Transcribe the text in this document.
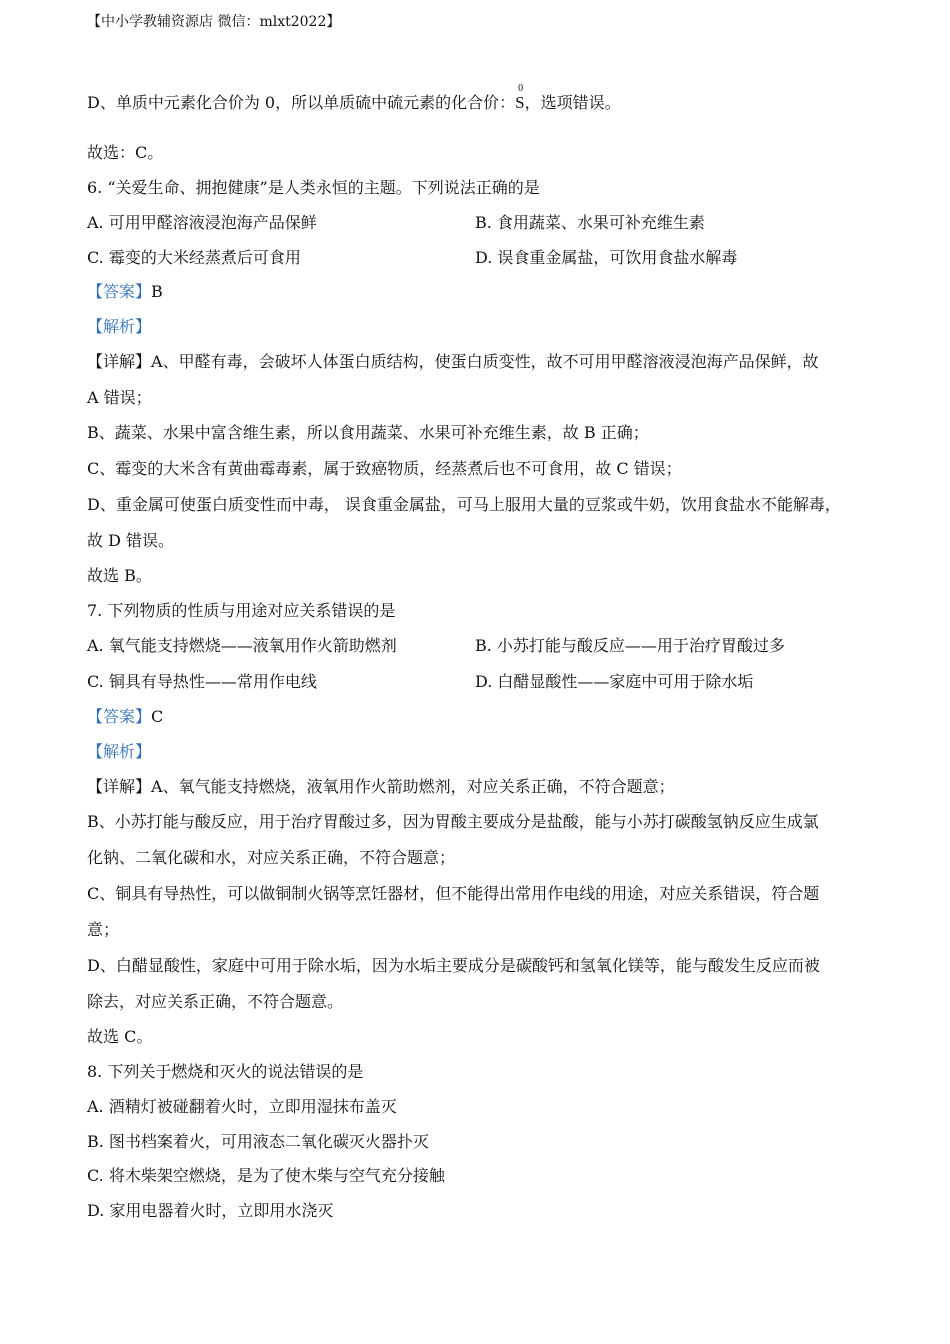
【中小学教辅资源店 微信：mlxt2022】
D、单质中元素化合价为 0，所以单质硫中硫元素的化合价：
0
S，选项错误。
故选：C。
6. “关爱生命、拥抱健康”是人类永恒的主题。下列说法正确的是
A. 可用甲醛溶液浸泡海产品保鲜	B. 食用蔬菜、水果可补充维生素
C. 霉变的大米经蒸煮后可食用	D. 误食重金属盐，可饮用食盐水解毒
【答案】B
【解析】
【详解】A、甲醛有毒，会破坏人体蛋白质结构，使蛋白质变性，故不可用甲醛溶液浸泡海产品保鲜，故
A 错误；
B、蔬菜、水果中富含维生素，所以食用蔬菜、水果可补充维生素，故 B 正确；
C、霉变的大米含有黄曲霉毒素，属于致癌物质，经蒸煮后也不可食用，故 C 错误；
D、重金属可使蛋白质变性而中毒， 误食重金属盐，可马上服用大量的豆浆或牛奶，饮用食盐水不能解毒，
故 D 错误。
故选 B。
7. 下列物质的性质与用途对应关系错误的是
A. 氧气能支持燃烧——液氧用作火箭助燃剂	B. 小苏打能与酸反应——用于治疗胃酸过多
C. 铜具有导热性——常用作电线	D. 白醋显酸性——家庭中可用于除水垢
【答案】C
【解析】
【详解】A、氧气能支持燃烧，液氧用作火箭助燃剂，对应关系正确，不符合题意；
B、小苏打能与酸反应，用于治疗胃酸过多，因为胃酸主要成分是盐酸，能与小苏打碳酸氢钠反应生成氯
化钠、二氧化碳和水，对应关系正确，不符合题意；
C、铜具有导热性，可以做铜制火锅等烹饪器材，但不能得出常用作电线的用途，对应关系错误，符合题
意；
D、白醋显酸性，家庭中可用于除水垢，因为水垢主要成分是碳酸钙和氢氧化镁等，能与酸发生反应而被
除去，对应关系正确，不符合题意。
故选 C。
8. 下列关于燃烧和灭火的说法错误的是
A. 酒精灯被碰翻着火时，立即用湿抹布盖灭
B. 图书档案着火，可用液态二氧化碳灭火器扑灭
C. 将木柴架空燃烧，是为了使木柴与空气充分接触
D. 家用电器着火时，立即用水浇灭
